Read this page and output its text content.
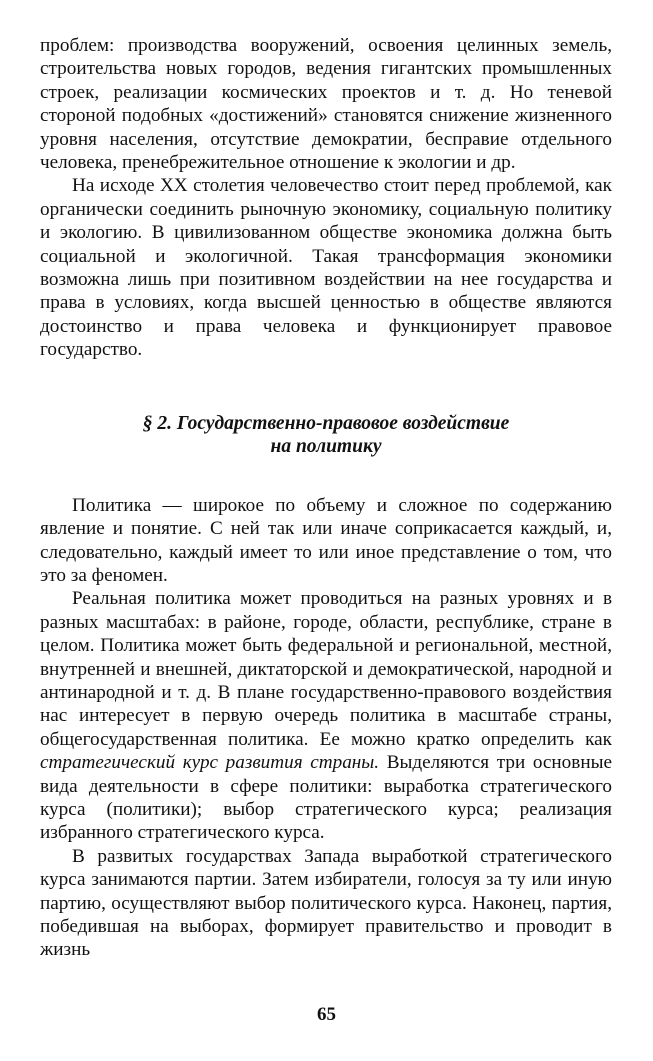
проблем: производства вооружений, освоения целинных земель, строительства новых городов, ведения гигантских промышленных строек, реализации космических проектов и т. д. Но теневой стороной подобных «достижений» становятся снижение жизненного уровня населения, отсутствие демократии, бесправие отдельного человека, пренебрежительное отношение к экологии и др.

На исходе XX столетия человечество стоит перед проблемой, как органически соединить рыночную экономику, социальную политику и экологию. В цивилизованном обществе экономика должна быть социальной и экологичной. Такая трансформация экономики возможна лишь при позитивном воздействии на нее государства и права в условиях, когда высшей ценностью в обществе являются достоинство и права человека и функционирует правовое государство.

§ 2. Государственно-правовое воздействие
на политику

Политика — широкое по объему и сложное по содержанию явление и понятие. С ней так или иначе соприкасается каждый, и, следовательно, каждый имеет то или иное представление о том, что это за феномен.

Реальная политика может проводиться на разных уровнях и в разных масштабах: в районе, городе, области, республике, стране в целом. Политика может быть федеральной и региональной, местной, внутренней и внешней, диктаторской и демократической, народной и антинародной и т. д. В плане государственно-правового воздействия нас интересует в первую очередь политика в масштабе страны, общегосударственная политика. Ее можно кратко определить как стратегический курс развития страны. Выделяются три основные вида деятельности в сфере политики: выработка стратегического курса (политики); выбор стратегического курса; реализация избранного стратегического курса.

В развитых государствах Запада выработкой стратегического курса занимаются партии. Затем избиратели, голосуя за ту или иную партию, осуществляют выбор политического курса. Наконец, партия, победившая на выборах, формирует правительство и проводит в жизнь

65
